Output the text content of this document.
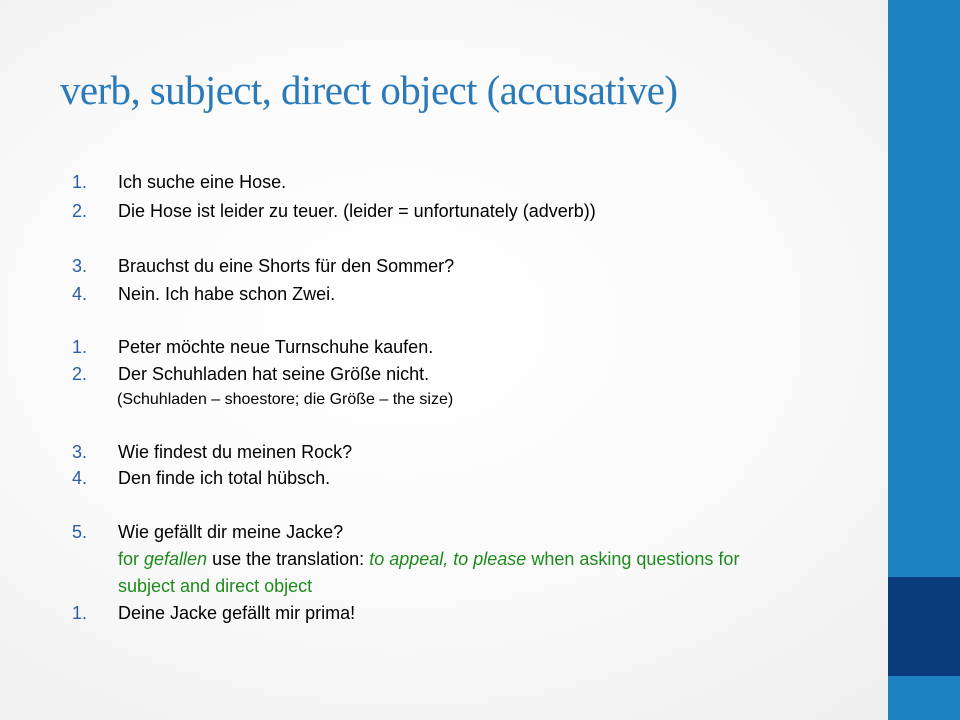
verb, subject, direct object (accusative)
1. Ich suche eine Hose.
2. Die Hose ist leider zu teuer. (leider = unfortunately (adverb))
3. Brauchst du eine Shorts für den Sommer?
4. Nein. Ich habe schon Zwei.
1. Peter möchte neue Turnschuhe kaufen.
2. Der Schuhladen hat seine Größe nicht.
(Schuhladen – shoestore; die Größe – the size)
3. Wie findest du meinen Rock?
4. Den finde ich total hübsch.
5. Wie gefällt dir meine Jacke?
for gefallen use the translation: to appeal, to please when asking questions for
subject and direct object
1. Deine Jacke gefällt mir prima!
